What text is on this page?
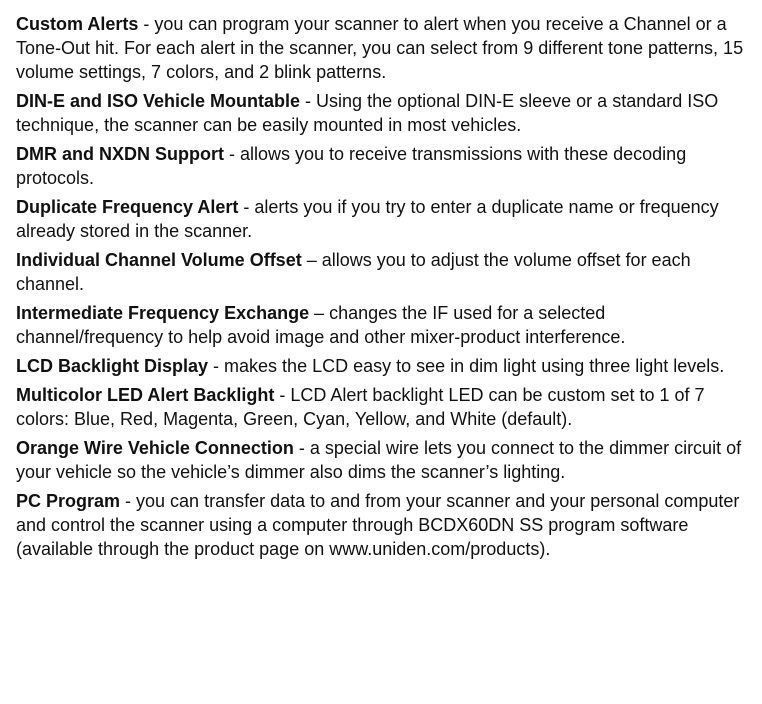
Custom Alerts - you can program your scanner to alert when you receive a Channel or a Tone-Out hit. For each alert in the scanner, you can select from 9 different tone patterns, 15 volume settings, 7 colors, and 2 blink patterns.

DIN-E and ISO Vehicle Mountable - Using the optional DIN-E sleeve or a standard ISO technique, the scanner can be easily mounted in most vehicles.

DMR and NXDN Support - allows you to receive transmissions with these decoding protocols.

Duplicate Frequency Alert - alerts you if you try to enter a duplicate name or frequency already stored in the scanner.

Individual Channel Volume Offset – allows you to adjust the volume offset for each channel.

Intermediate Frequency Exchange – changes the IF used for a selected channel/frequency to help avoid image and other mixer-product interference.

LCD Backlight Display - makes the LCD easy to see in dim light using three light levels.

Multicolor LED Alert Backlight - LCD Alert backlight LED can be custom set to 1 of 7 colors: Blue, Red, Magenta, Green, Cyan, Yellow, and White (default).

Orange Wire Vehicle Connection - a special wire lets you connect to the dimmer circuit of your vehicle so the vehicle’s dimmer also dims the scanner’s lighting.

PC Program - you can transfer data to and from your scanner and your personal computer and control the scanner using a computer through BCDX60DN SS program software (available through the product page on www.uniden.com/products).
